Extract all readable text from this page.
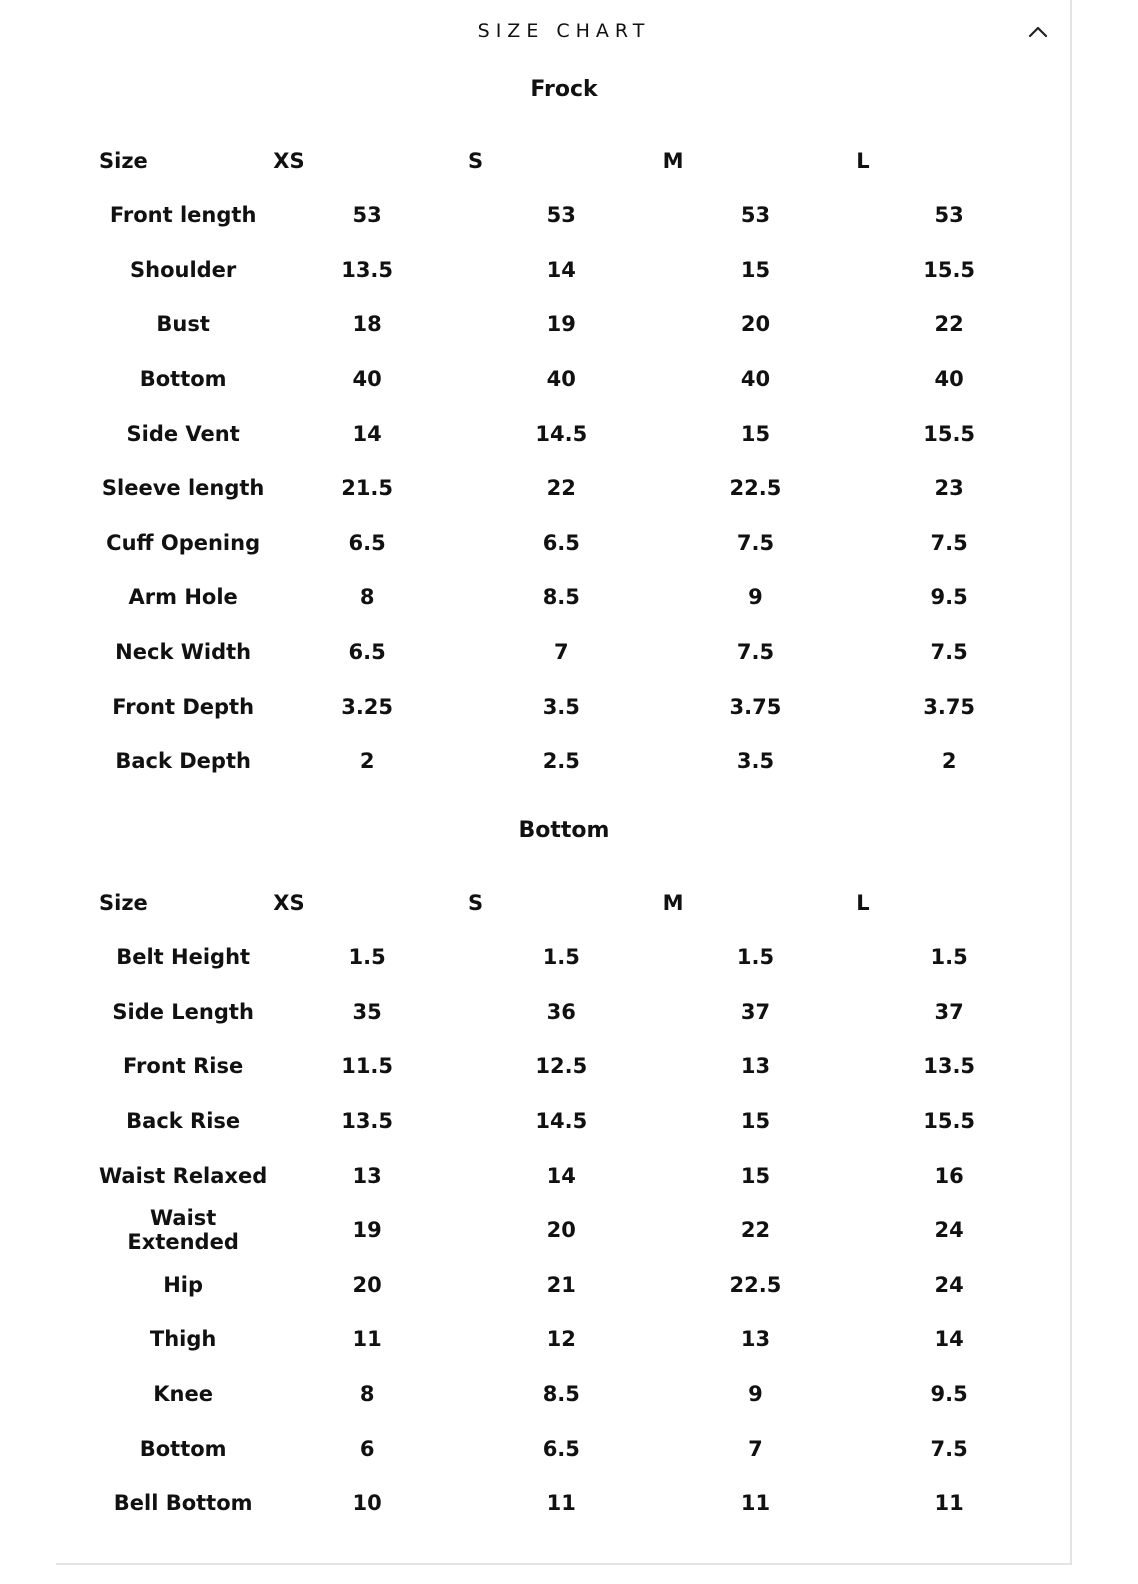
SIZE CHART
Frock
Size	XS	S	M	L
Front length	53	53	53	53
Shoulder	13.5	14	15	15.5
Bust	18	19	20	22
Bottom	40	40	40	40
Side Vent	14	14.5	15	15.5
Sleeve length	21.5	22	22.5	23
Cuff Opening	6.5	6.5	7.5	7.5
Arm Hole	8	8.5	9	9.5
Neck Width	6.5	7	7.5	7.5
Front Depth	3.25	3.5	3.75	3.75
Back Depth	2	2.5	3.5	2
Bottom
Size	XS	S	M	L
Belt Height	1.5	1.5	1.5	1.5
Side Length	35	36	37	37
Front Rise	11.5	12.5	13	13.5
Back Rise	13.5	14.5	15	15.5
Waist Relaxed	13	14	15	16
Waist Extended	19	20	22	24
Hip	20	21	22.5	24
Thigh	11	12	13	14
Knee	8	8.5	9	9.5
Bottom	6	6.5	7	7.5
Bell Bottom	10	11	11	11
